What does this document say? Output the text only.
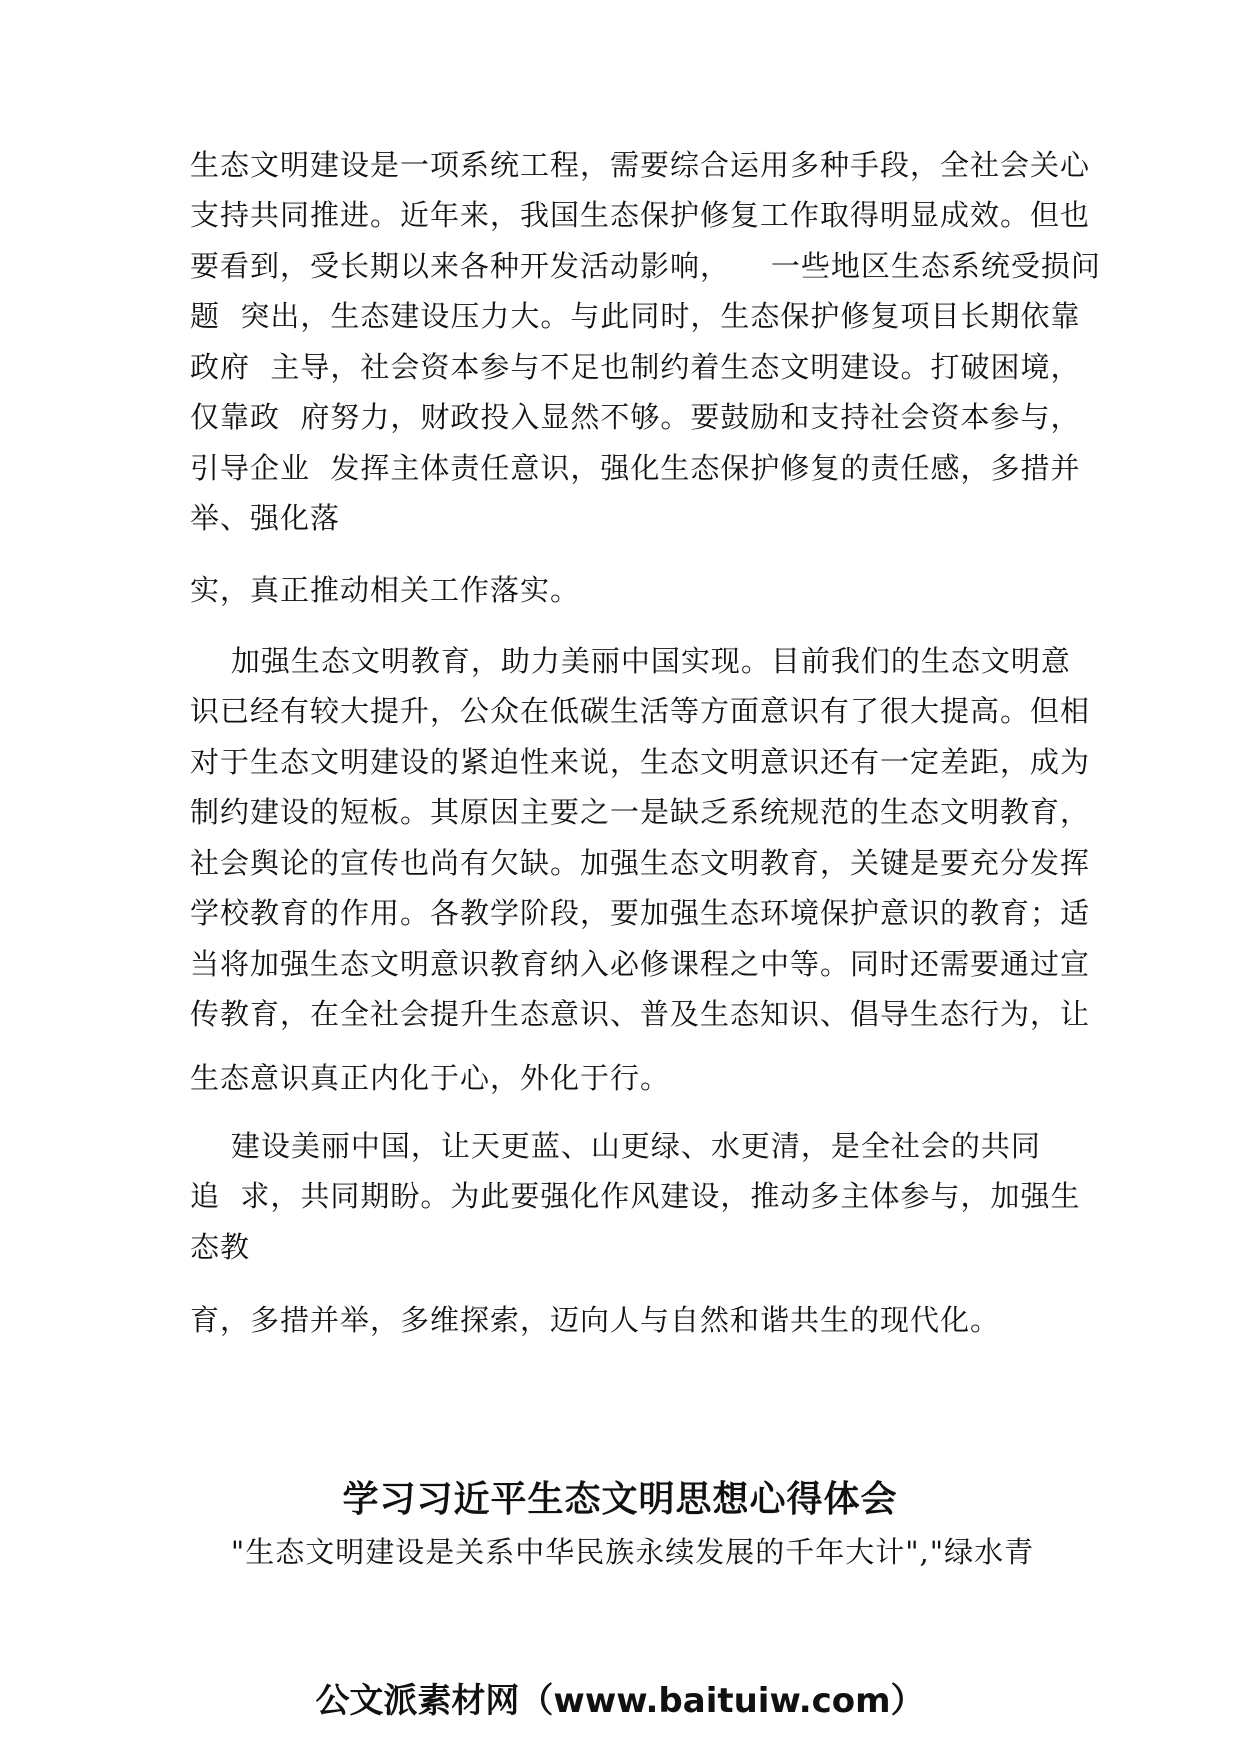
生态文明建设是一项系统工程，需要综合运用多种手段，全社会关心
支持共同推进。近年来，我国生态保护修复工作取得明显成效。但也
要看到，受长期以来各种开发活动影响，    一些地区生态系统受损问
题  突出，生态建设压力大。与此同时，生态保护修复项目长期依靠
政府  主导，社会资本参与不足也制约着生态文明建设。打破困境，
仅靠政  府努力，财政投入显然不够。要鼓励和支持社会资本参与，
引导企业  发挥主体责任意识，强化生态保护修复的责任感，多措并
举、强化落
实，真正推动相关工作落实。
加强生态文明教育，助力美丽中国实现。目前我们的生态文明意
识已经有较大提升，公众在低碳生活等方面意识有了很大提高。但相
对于生态文明建设的紧迫性来说，生态文明意识还有一定差距，成为
制约建设的短板。其原因主要之一是缺乏系统规范的生态文明教育，
社会舆论的宣传也尚有欠缺。加强生态文明教育，关键是要充分发挥
学校教育的作用。各教学阶段，要加强生态环境保护意识的教育；适
当将加强生态文明意识教育纳入必修课程之中等。同时还需要通过宣
传教育，在全社会提升生态意识、普及生态知识、倡导生态行为，让
生态意识真正内化于心，外化于行。
建设美丽中国，让天更蓝、山更绿、水更清，是全社会的共同
追  求，共同期盼。为此要强化作风建设，推动多主体参与，加强生
态教
育，多措并举，多维探索，迈向人与自然和谐共生的现代化。
学习习近平生态文明思想心得体会
"生态文明建设是关系中华民族永续发展的千年大计","绿水青
公文派素材网（www.baituiw.com）
